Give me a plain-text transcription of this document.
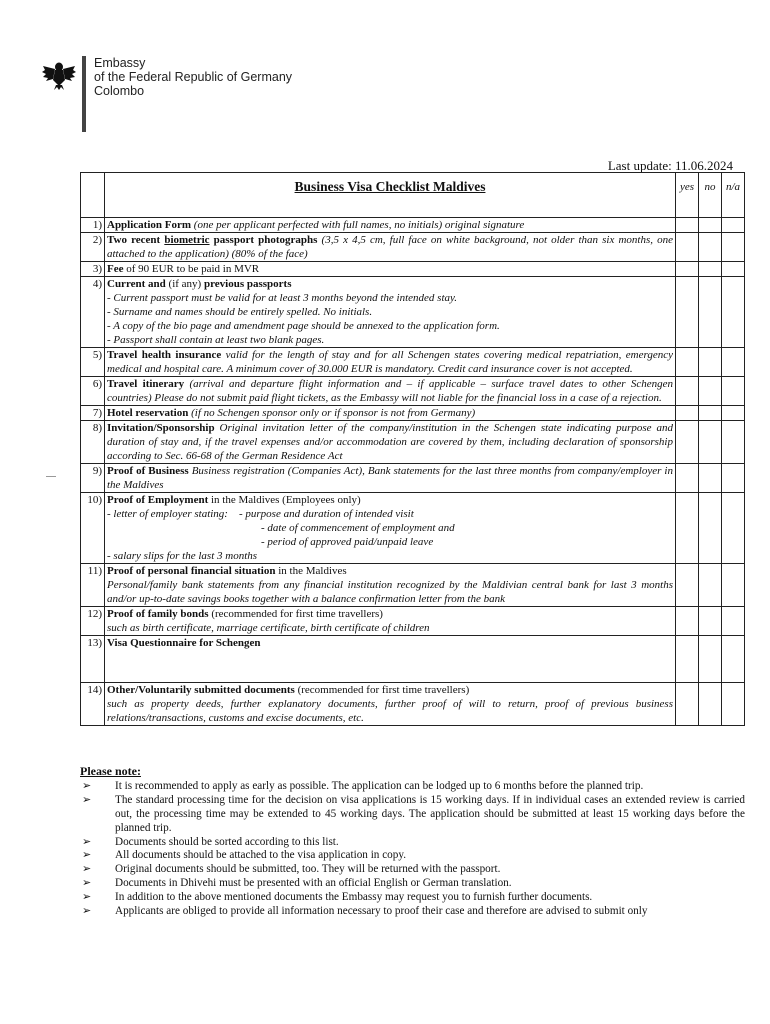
Embassy
of the Federal Republic of Germany
Colombo
Last update: 11.06.2024
	Business Visa Checklist Maldives	yes	no	n/a
1)	Application Form (one per applicant perfected with full names, no initials) original signature			
2)	Two recent biometric passport photographs (3,5 x 4,5 cm, full face on white background, not older than six months, one attached to the application) (80% of the face)			
3)	Fee of 90 EUR to be paid in MVR			
4)	Current and (if any) previous passports
- Current passport must be valid for at least 3 months beyond the intended stay.
- Surname and names should be entirely spelled. No initials.
- A copy of the bio page and amendment page should be annexed to the application form.
- Passport shall contain at least two blank pages.			

5)	Travel health insurance valid for the length of stay and for all Schengen states covering medical repatriation, emergency medical and hospital care. A minimum cover of 30.000 EUR is mandatory. Credit card insurance cover is not accepted.			
6)	Travel itinerary (arrival and departure flight information and – if applicable – surface travel dates to other Schengen countries) Please do not submit paid flight tickets, as the Embassy will not liable for the financial loss in a case of a rejection.			
7)	Hotel reservation (if no Schengen sponsor only or if sponsor is not from Germany)			
8)	Invitation/Sponsorship Original invitation letter of the company/institution in the Schengen state indicating purpose and duration of stay and, if the travel expenses and/or accommodation are covered by them, including declaration of sponsorship according to Sec. 66-68 of the German Residence Act			
9)	Proof of Business Business registration (Companies Act), Bank statements for the last three months from company/employer in the Maldives			
10)	Proof of Employment in the Maldives (Employees only)
- letter of employer stating: - purpose and duration of intended visit
- date of commencement of employment and
- period of approved paid/unpaid leave
- salary slips for the last 3 months			

11)	Proof of personal financial situation in the Maldives
Personal/family bank statements from any financial institution recognized by the Maldivian central bank for last 3 months and/or up-to-date savings books together with a balance confirmation letter from the bank			

12)	Proof of family bonds (recommended for first time travellers)
such as birth certificate, marriage certificate, birth certificate of children			

13)	Visa Questionnaire for Schengen			
14)	Other/Voluntarily submitted documents (recommended for first time travellers)
such as property deeds, further explanatory documents, further proof of will to return, proof of previous business relations/transactions, customs and excise documents, etc.			

Please note:
➢ It is recommended to apply as early as possible. The application can be lodged up to 6 months before the planned trip.
➢ The standard processing time for the decision on visa applications is 15 working days. If in individual cases an extended review is carried out, the processing time may be extended to 45 working days. The application should be submitted at least 15 working days before the planned trip.
➢ Documents should be sorted according to this list.
➢ All documents should be attached to the visa application in copy.
➢ Original documents should be submitted, too. They will be returned with the passport.
➢ Documents in Dhivehi must be presented with an official English or German translation.
➢ In addition to the above mentioned documents the Embassy may request you to furnish further documents.
➢ Applicants are obliged to provide all information necessary to proof their case and therefore are advised to submit only
